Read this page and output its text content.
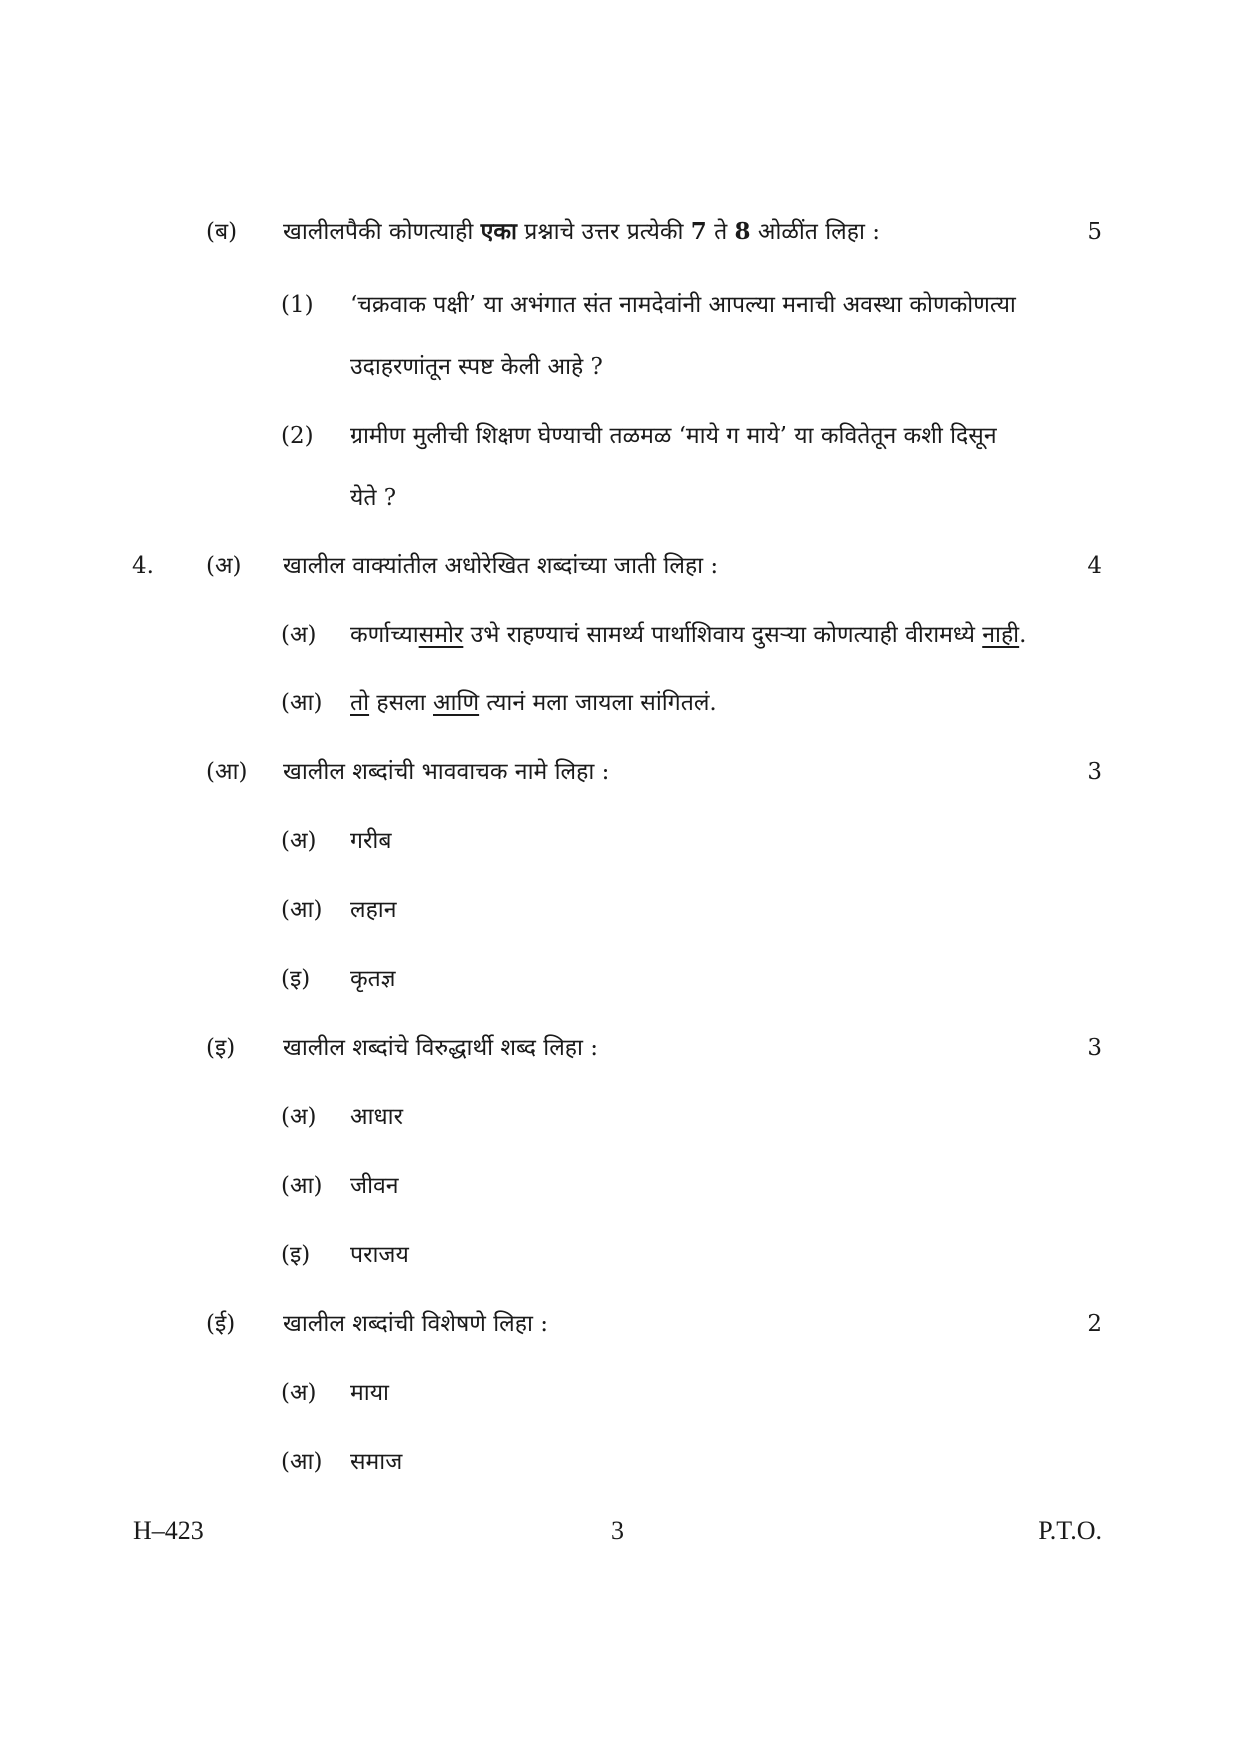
(ब) खालीलपैकी कोणत्याही एका प्रश्नाचे उत्तर प्रत्येकी 7 ते 8 ओळींत लिहा :	5
(1) ‘चक्रवाक पक्षी’ या अभंगात संत नामदेवांनी आपल्या मनाची अवस्था कोणकोणत्या
उदाहरणांतून स्पष्ट केली आहे ?
(2) ग्रामीण मुलीची शिक्षण घेण्याची तळमळ ‘माये ग माये’ या कवितेतून कशी दिसून
येते ?
4. (अ) खालील वाक्यांतील अधोरेखित शब्दांच्या जाती लिहा :	4
(अ) कर्णाच्यासमोर उभे राहण्याचं सामर्थ्य पार्थाशिवाय दुसऱ्या कोणत्याही वीरामध्ये नाही.
(आ) तो हसला आणि त्यानं मला जायला सांगितलं.
(आ) खालील शब्दांची भाववाचक नामे लिहा :	3
(अ) गरीब
(आ) लहान
(इ) कृतज्ञ
(इ) खालील शब्दांचे विरुद्धार्थी शब्द लिहा :	3
(अ) आधार
(आ) जीवन
(इ) पराजय
(ई) खालील शब्दांची विशेषणे लिहा :	2
(अ) माया
(आ) समाज
H–423	3	P.T.O.
